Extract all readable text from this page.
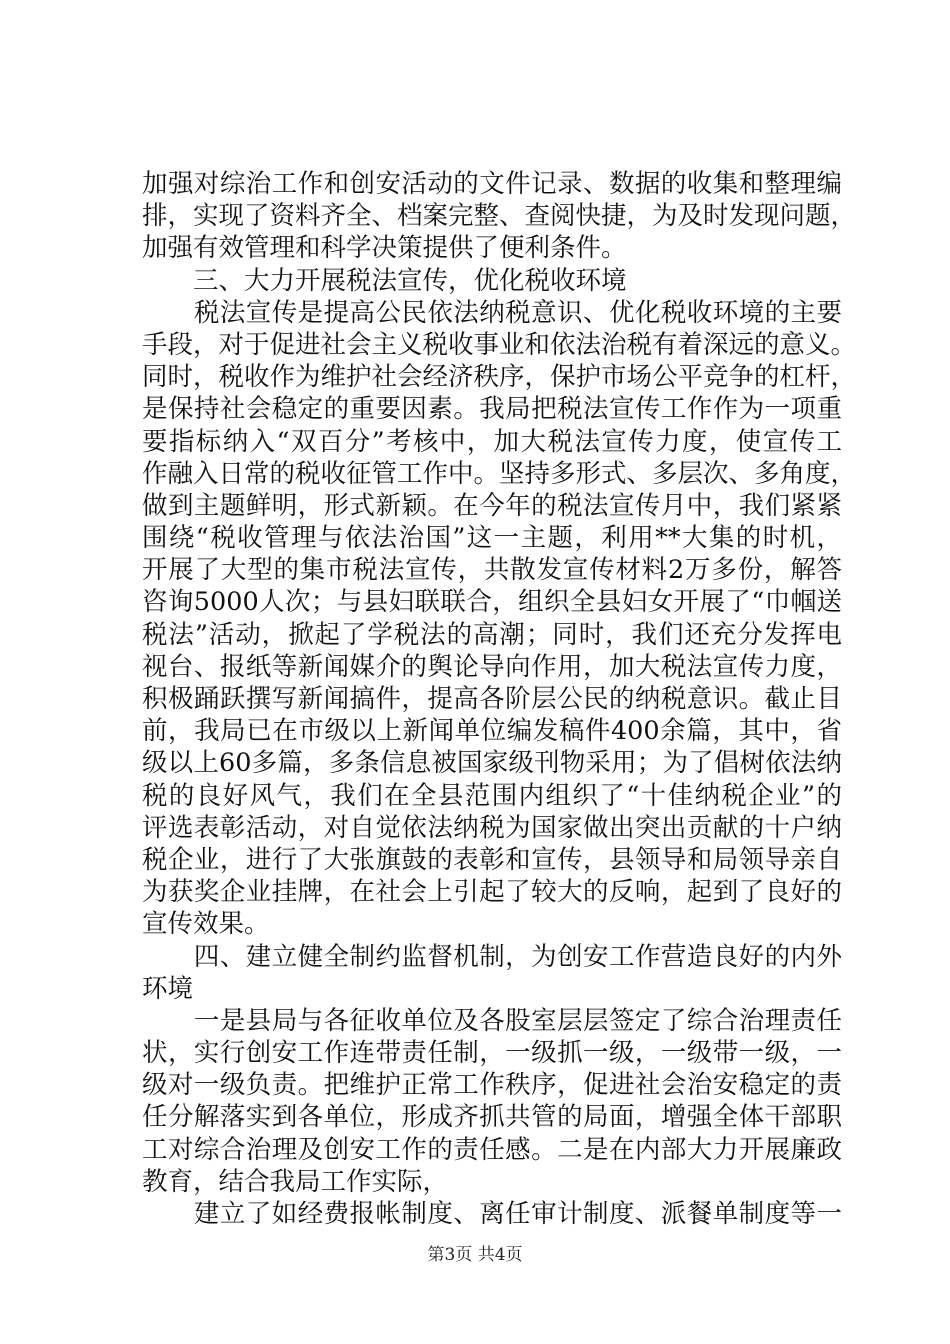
加强对综治工作和创安活动的文件记录、数据的收集和整理编
排，实现了资料齐全、档案完整、查阅快捷，为及时发现问题，
加强有效管理和科学决策提供了便利条件。
　　三、大力开展税法宣传，优化税收环境
　　税法宣传是提高公民依法纳税意识、优化税收环境的主要
手段，对于促进社会主义税收事业和依法治税有着深远的意义。
同时，税收作为维护社会经济秩序，保护市场公平竞争的杠杆，
是保持社会稳定的重要因素。我局把税法宣传工作作为一项重
要指标纳入“双百分”考核中，加大税法宣传力度，使宣传工
作融入日常的税收征管工作中。坚持多形式、多层次、多角度，
做到主题鲜明，形式新颖。在今年的税法宣传月中，我们紧紧
围绕“税收管理与依法治国”这一主题，利用**大集的时机，
开展了大型的集市税法宣传，共散发宣传材料2万多份，解答
咨询5000人次；与县妇联联合，组织全县妇女开展了“巾帼送
税法”活动，掀起了学税法的高潮；同时，我们还充分发挥电
视台、报纸等新闻媒介的舆论导向作用，加大税法宣传力度，
积极踊跃撰写新闻搞件，提高各阶层公民的纳税意识。截止目
前，我局已在市级以上新闻单位编发稿件400余篇，其中，省
级以上60多篇，多条信息被国家级刊物采用；为了倡树依法纳
税的良好风气，我们在全县范围内组织了“十佳纳税企业”的
评选表彰活动，对自觉依法纳税为国家做出突出贡献的十户纳
税企业，进行了大张旗鼓的表彰和宣传，县领导和局领导亲自
为获奖企业挂牌，在社会上引起了较大的反响，起到了良好的
宣传效果。
　　四、建立健全制约监督机制，为创安工作营造良好的内外
环境
　　一是县局与各征收单位及各股室层层签定了综合治理责任
状，实行创安工作连带责任制，一级抓一级，一级带一级，一
级对一级负责。把维护正常工作秩序，促进社会治安稳定的责
任分解落实到各单位，形成齐抓共管的局面，增强全体干部职
工对综合治理及创安工作的责任感。二是在内部大力开展廉政
教育，结合我局工作实际，
　　建立了如经费报帐制度、离任审计制度、派餐单制度等一
第3页 共4页
